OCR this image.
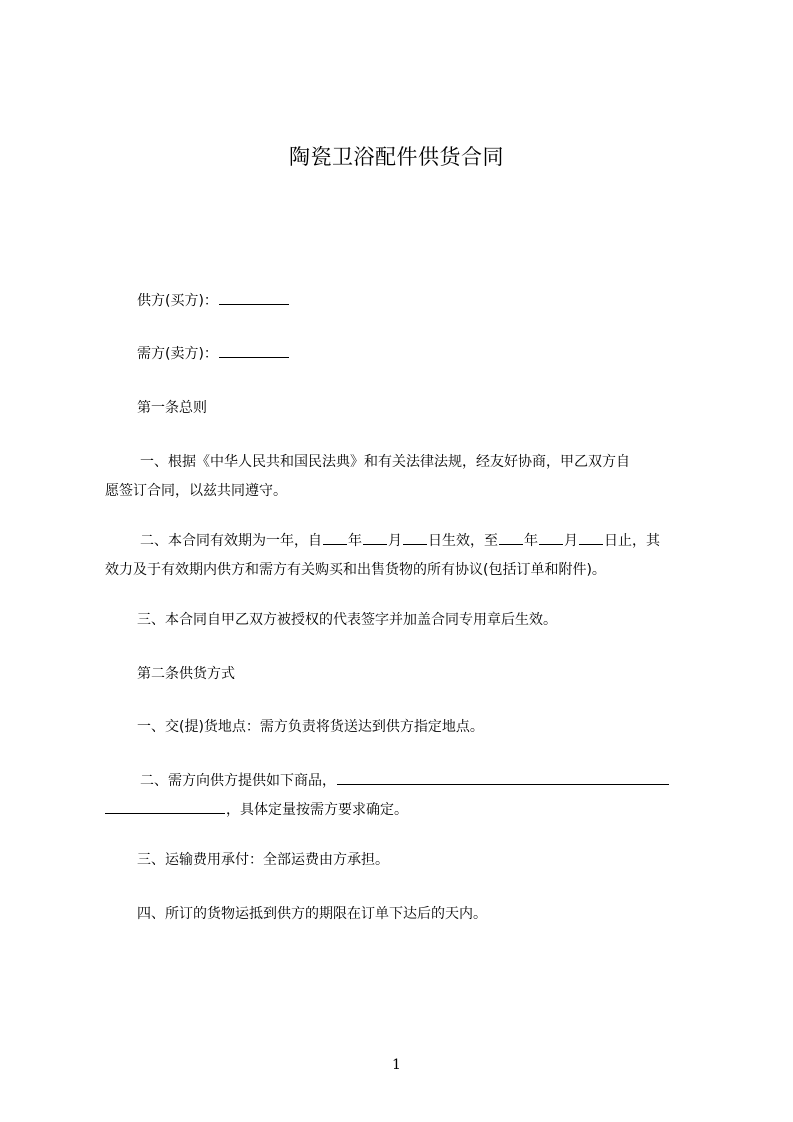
陶瓷卫浴配件供货合同

供方(买方)：

需方(卖方)：

第一条总则

一、根据《中华人民共和国民法典》和有关法律法规，经友好协商，甲乙双方自

愿签订合同，以兹共同遵守。

二、本合同有效期为一年，自 年 月 日生效，至 年 月 日止，其

效力及于有效期内供方和需方有关购买和出售货物的所有协议(包括订单和附件)。

三、本合同自甲乙双方被授权的代表签字并加盖合同专用章后生效。

第二条供货方式

一、交(提)货地点：需方负责将货送达到供方指定地点。

二、需方向供方提供如下商品，

，具体定量按需方要求确定。

三、运输费用承付：全部运费由方承担。

四、所订的货物运抵到供方的期限在订单下达后的天内。

1
